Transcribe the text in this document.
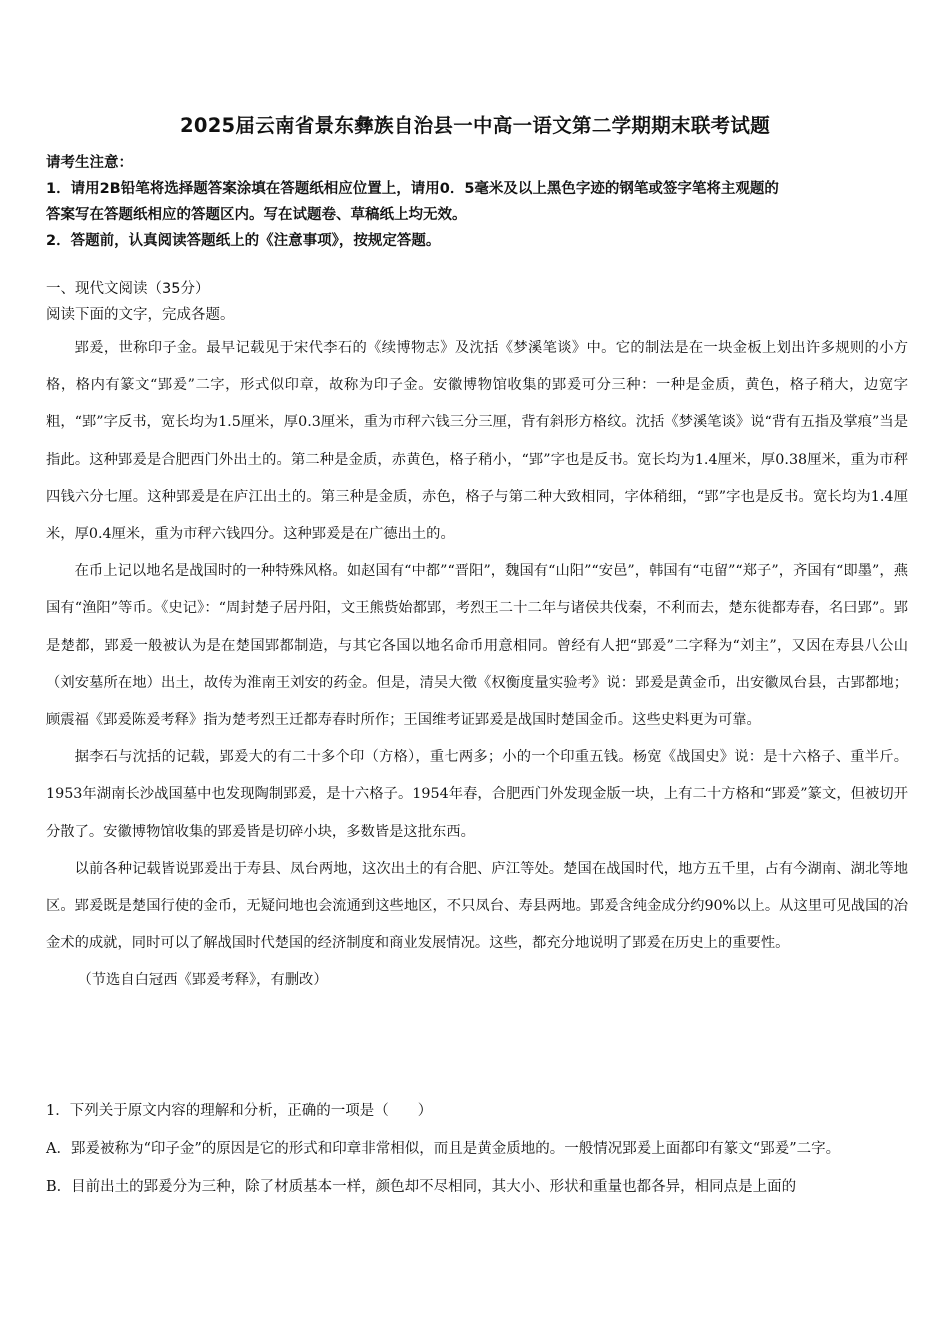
2025届云南省景东彝族自治县一中高一语文第二学期期末联考试题
请考生注意：
1．请用2B铅笔将选择题答案涂填在答题纸相应位置上，请用0．5毫米及以上黑色字迹的钢笔或签字笔将主观题的
答案写在答题纸相应的答题区内。写在试题卷、草稿纸上均无效。
2．答题前，认真阅读答题纸上的《注意事项》，按规定答题。
一、现代文阅读（35分）
阅读下面的文字，完成各题。

郢爰，世称印子金。最早记载见于宋代李石的《续博物志》及沈括《梦溪笔谈》中。它的制法是在一块金板上划出许多规则的小方格，格内有篆文“郢爰”二字，形式似印章，故称为印子金。安徽博物馆收集的郢爰可分三种：一种是金质，黄色，格子稍大，边宽字粗，“郢”字反书，宽长均为1.5厘米，厚0.3厘米，重为市秤六钱三分三厘，背有斜形方格纹。沈括《梦溪笔谈》说“背有五指及掌痕”当是指此。这种郢爰是合肥西门外出土的。第二种是金质，赤黄色，格子稍小，“郢”字也是反书。宽长均为1.4厘米，厚0.38厘米，重为市秤四钱六分七厘。这种郢爰是在庐江出土的。第三种是金质，赤色，格子与第二种大致相同，字体稍细，“郢”字也是反书。宽长均为1.4厘米，厚0.4厘米，重为市秤六钱四分。这种郢爰是在广德出土的。

在币上记以地名是战国时的一种特殊风格。如赵国有“中都”“晋阳”，魏国有“山阳”“安邑”，韩国有“屯留”“郑子”，齐国有“即墨”，燕国有“渔阳”等币。《史记》：“周封楚子居丹阳，文王熊赀始都郢，考烈王二十二年与诸侯共伐秦，不利而去，楚东徙都寿春，名曰郢”。郢是楚都，郢爰一般被认为是在楚国郢都制造，与其它各国以地名命币用意相同。曾经有人把“郢爰”二字释为“刘主”，又因在寿县八公山（刘安墓所在地）出土，故传为淮南王刘安的药金。但是，清吴大徵《权衡度量实验考》说：郢爰是黄金币，出安徽凤台县，古郢都地；顾震福《郢爰陈爰考释》指为楚考烈王迁都寿春时所作；王国维考证郢爰是战国时楚国金币。这些史料更为可靠。

据李石与沈括的记载，郢爰大的有二十多个印（方格），重七两多；小的一个印重五钱。杨宽《战国史》说：是十六格子、重半斤。1953年湖南长沙战国墓中也发现陶制郢爰，是十六格子。1954年春，合肥西门外发现金版一块，上有二十方格和“郢爰”篆文，但被切开分散了。安徽博物馆收集的郢爰皆是切碎小块，多数皆是这批东西。

以前各种记载皆说郢爰出于寿县、凤台两地，这次出土的有合肥、庐江等处。楚国在战国时代，地方五千里，占有今湖南、湖北等地区。郢爰既是楚国行使的金币，无疑问地也会流通到这些地区，不只凤台、寿县两地。郢爰含纯金成分约90%以上。从这里可见战国的冶金术的成就，同时可以了解战国时代楚国的经济制度和商业发展情况。这些，都充分地说明了郢爰在历史上的重要性。

（节选自白冠西《郢爰考释》，有删改）

1．下列关于原文内容的理解和分析，正确的一项是（　　）

A．郢爰被称为“印子金”的原因是它的形式和印章非常相似，而且是黄金质地的。一般情况郢爰上面都印有篆文“郢爰”二字。

B．目前出土的郢爰分为三种，除了材质基本一样，颜色却不尽相同，其大小、形状和重量也都各异，相同点是上面的
